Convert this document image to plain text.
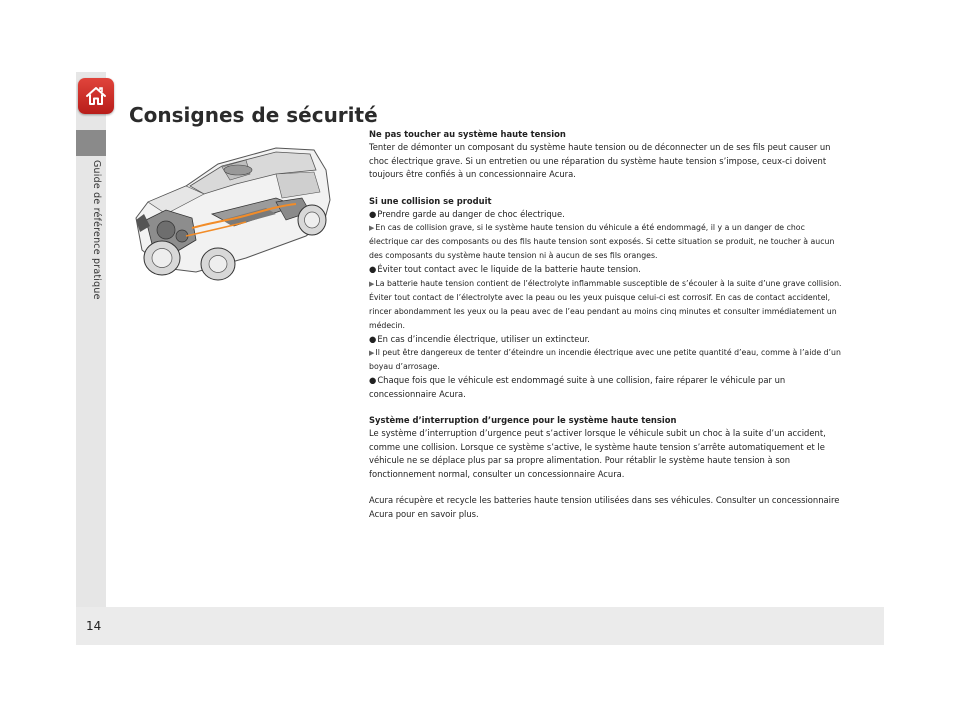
Guide de référence pratique
14
Consignes de sécurité

Ne pas toucher au système haute tension

Tenter de démonter un composant du système haute tension ou de déconnecter un de ses fils peut causer un choc électrique grave. Si un entretien ou une réparation du système haute tension s’impose, ceux-ci doivent toujours être confiés à un concessionnaire Acura.

Si une collision se produit

●Prendre garde au danger de choc électrique.

▶En cas de collision grave, si le système haute tension du véhicule a été endommagé, il y a un danger de choc électrique car des composants ou des fils haute tension sont exposés. Si cette situation se produit, ne toucher à aucun des composants du système haute tension ni à aucun de ses fils oranges.

●Éviter tout contact avec le liquide de la batterie haute tension.

▶La batterie haute tension contient de l’électrolyte inflammable susceptible de s’écouler à la suite d’une grave collision. Éviter tout contact de l’électrolyte avec la peau ou les yeux puisque celui-ci est corrosif. En cas de contact accidentel, rincer abondamment les yeux ou la peau avec de l’eau pendant au moins cinq minutes et consulter immédiatement un médecin.

●En cas d’incendie électrique, utiliser un extincteur.

▶Il peut être dangereux de tenter d’éteindre un incendie électrique avec une petite quantité d’eau, comme à l’aide d’un boyau d’arrosage.

●Chaque fois que le véhicule est endommagé suite à une collision, faire réparer le véhicule par un concessionnaire Acura.

Système d’interruption d’urgence pour le système haute tension

Le système d’interruption d’urgence peut s’activer lorsque le véhicule subit un choc à la suite d’un accident, comme une collision. Lorsque ce système s’active, le système haute tension s’arrête automatiquement et le véhicule ne se déplace plus par sa propre alimentation. Pour rétablir le système haute tension à son fonctionnement normal, consulter un concessionnaire Acura.

Acura récupère et recycle les batteries haute tension utilisées dans ses véhicules. Consulter un concessionnaire Acura pour en savoir plus.
